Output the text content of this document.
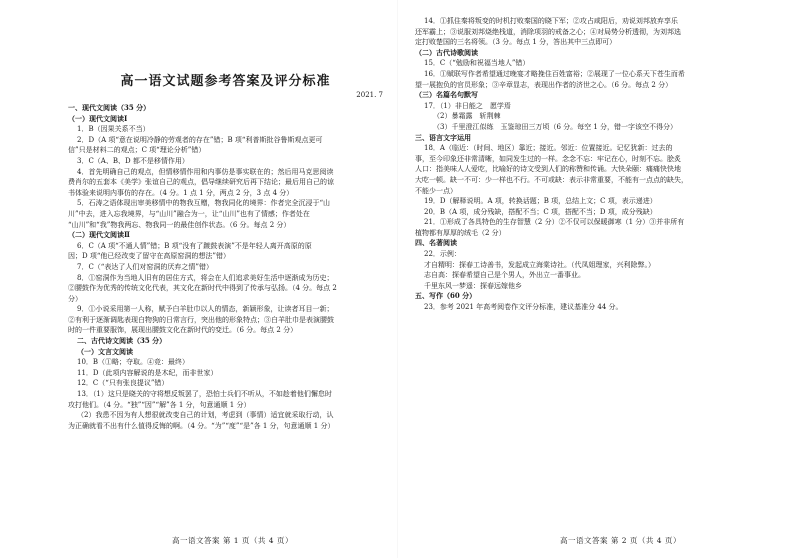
高一语文试题参考答案及评分标准
2021. 7

一、现代文阅读（35 分）

（一）现代文阅读Ⅰ

1．B（因果关系不当）

2．D（A 项“意在说明冷静的劳观者的存在”错；B 项“利普斯批谷鲁斯观点更可

信”只是材料二的观点；C 项“理论分析”错）

3．C（A、B、D 都不是移情作用）

4．首先明确自己的观点，但情移情作用和内事仿是事实联在的；然后用马克思阅读

费肖尔的五套本《美学》张谊自己的观点，倡导继续研究后再下结论；最后用自己的谅

书体验来说明内事仿的存在。（4 分。1 点 1 分，两点 2 分，3 点 4 分）

5．石涛之语体现出审美移情中的物我互赠，物我同化的境界：作者完全沉浸于“山

川”中去，进入忘我境界，与“山川”融合为一，让“山川”也有了情感；作者处在

“山川”和“我”物我两忘、物我同一的最佳创作状态。（6 分。每点 2 分）

（二）现代文阅读Ⅱ

6．C（A 项“不通人情”错；B 项“没有了踱鼓表演”不是年轻人离开高原的原

因；D 项“他已经改变了留守在高原窑洞的想法”错）

7．C（“表达了人们对窑洞的厌弃之情”错）

8．①窑洞作为当地人旧有的居住方式，将会在人们追求美好生活中逐渐成为历史；

②腰鼓作为优秀的传统文化代表，其文化在新时代中得到了传承与弘扬。（4 分。每点 2

分）

9．①小说采用第一人称，赋予白羊肚巾以人的情态，新颖形象，让读者耳目一新；

②有利于逐渐调匙表现白物狗的日常言行，突出他的形象特点；③白羊肚巾是表演腰鼓

时的一件重要服饰，展现出腰鼓文化在新时代的变迁。（6 分。每点 2 分）

二、古代诗文阅读（35 分）

（一）文言文阅读

10．B（①略；夺取。④竞：最终）

11．D（此项内容解说的是木纪，而非世家）

12．C（“只有张良提议”错）

13．（1）这只是晓关的守将想反叛罢了，恐怕士兵们不听从，不如趁着他们懈怠时

攻打他们。（4 分。“独”“因”“解”各 1 分，句意通顺 1 分）

（2）我患不因为有人想很就改变自己的计划，考虑到（事情）适宜就采取行动，认

为正确就看不出有什么值得反悔的啊。（4 分。“为”“度”“是”各 1 分，句意通顺 1 分）

14．①抓住秦将叛变的时机打败秦国的晓下军；②攻占咸阳后，劝说刘邦放弃享乐

还军霸上；③说服刘邦烧绝栈道，消除项羽的戒备之心；④对局势分析透彻，为刘邦选

定打败楚国的三名将领。（3 分。每点 1 分，答出其中三点即可）

（二）古代诗歌阅读

15．C（“勉励和祝福当地人”错）

16．①赋联写作者希望通过晚宴才略挽住百姓富裕；②展现了一位心系天下苍生而希

望一展抱负的官员形象；③辛章显志，表现出作者的济世之心。（6 分。每点 2 分）

（三）名篇名句默写

17．（1）非日能之　愿学焉

（2）暴霜露　斩荆棘

（3）千里澄江似练　玉鉴琼田三万顷（6 分。每空 1 分，错一字该空不得分）

三、语言文字运用

18．A（临近：（时间、地区）靠近；接近。邻近：位置接近。记忆犹新：过去的

事，至今印象还非常清晰，如同发生过的一样。念念不忘：牢记在心，时刻不忘。脍炙

人口：指美味人人爱吃，比喻好的诗文受到人们的称赞和传诵。大快朵颐：痛痛快快地

大吃一顿。缺一不可：少一样也不行。不可或缺：表示非常重要，不能有一点点的缺失，

不能少一点）

19．D（解释说明。A 项，转换话题；B 项，总结上文；C 项，表示递进）

20．B（A 项，成分残缺，搭配不当；C 项，搭配不当；D 项，成分残缺）

21．①形成了各具特色的生存智慧（2 分）②不仅可以保暖御寒（1 分）③并非所有

植物都有厚厚的绒毛（2 分）

四、名著阅读

22．示例：

才自精明：探春工诗善书，发起成立海棠诗社。（代凤姐理家，兴利除弊。）

志自高：探春希望自己是个男人，外出立一番事业。

千里东风一梦遥：探春远嫁他乡

五、写作（60 分）

23．参考 2021 年高考阅卷作文评分标准，建议基准分 44 分。

高一语文答案 第 1 页（共 4 页）	高一语文答案 第 2 页（共 4 页）
